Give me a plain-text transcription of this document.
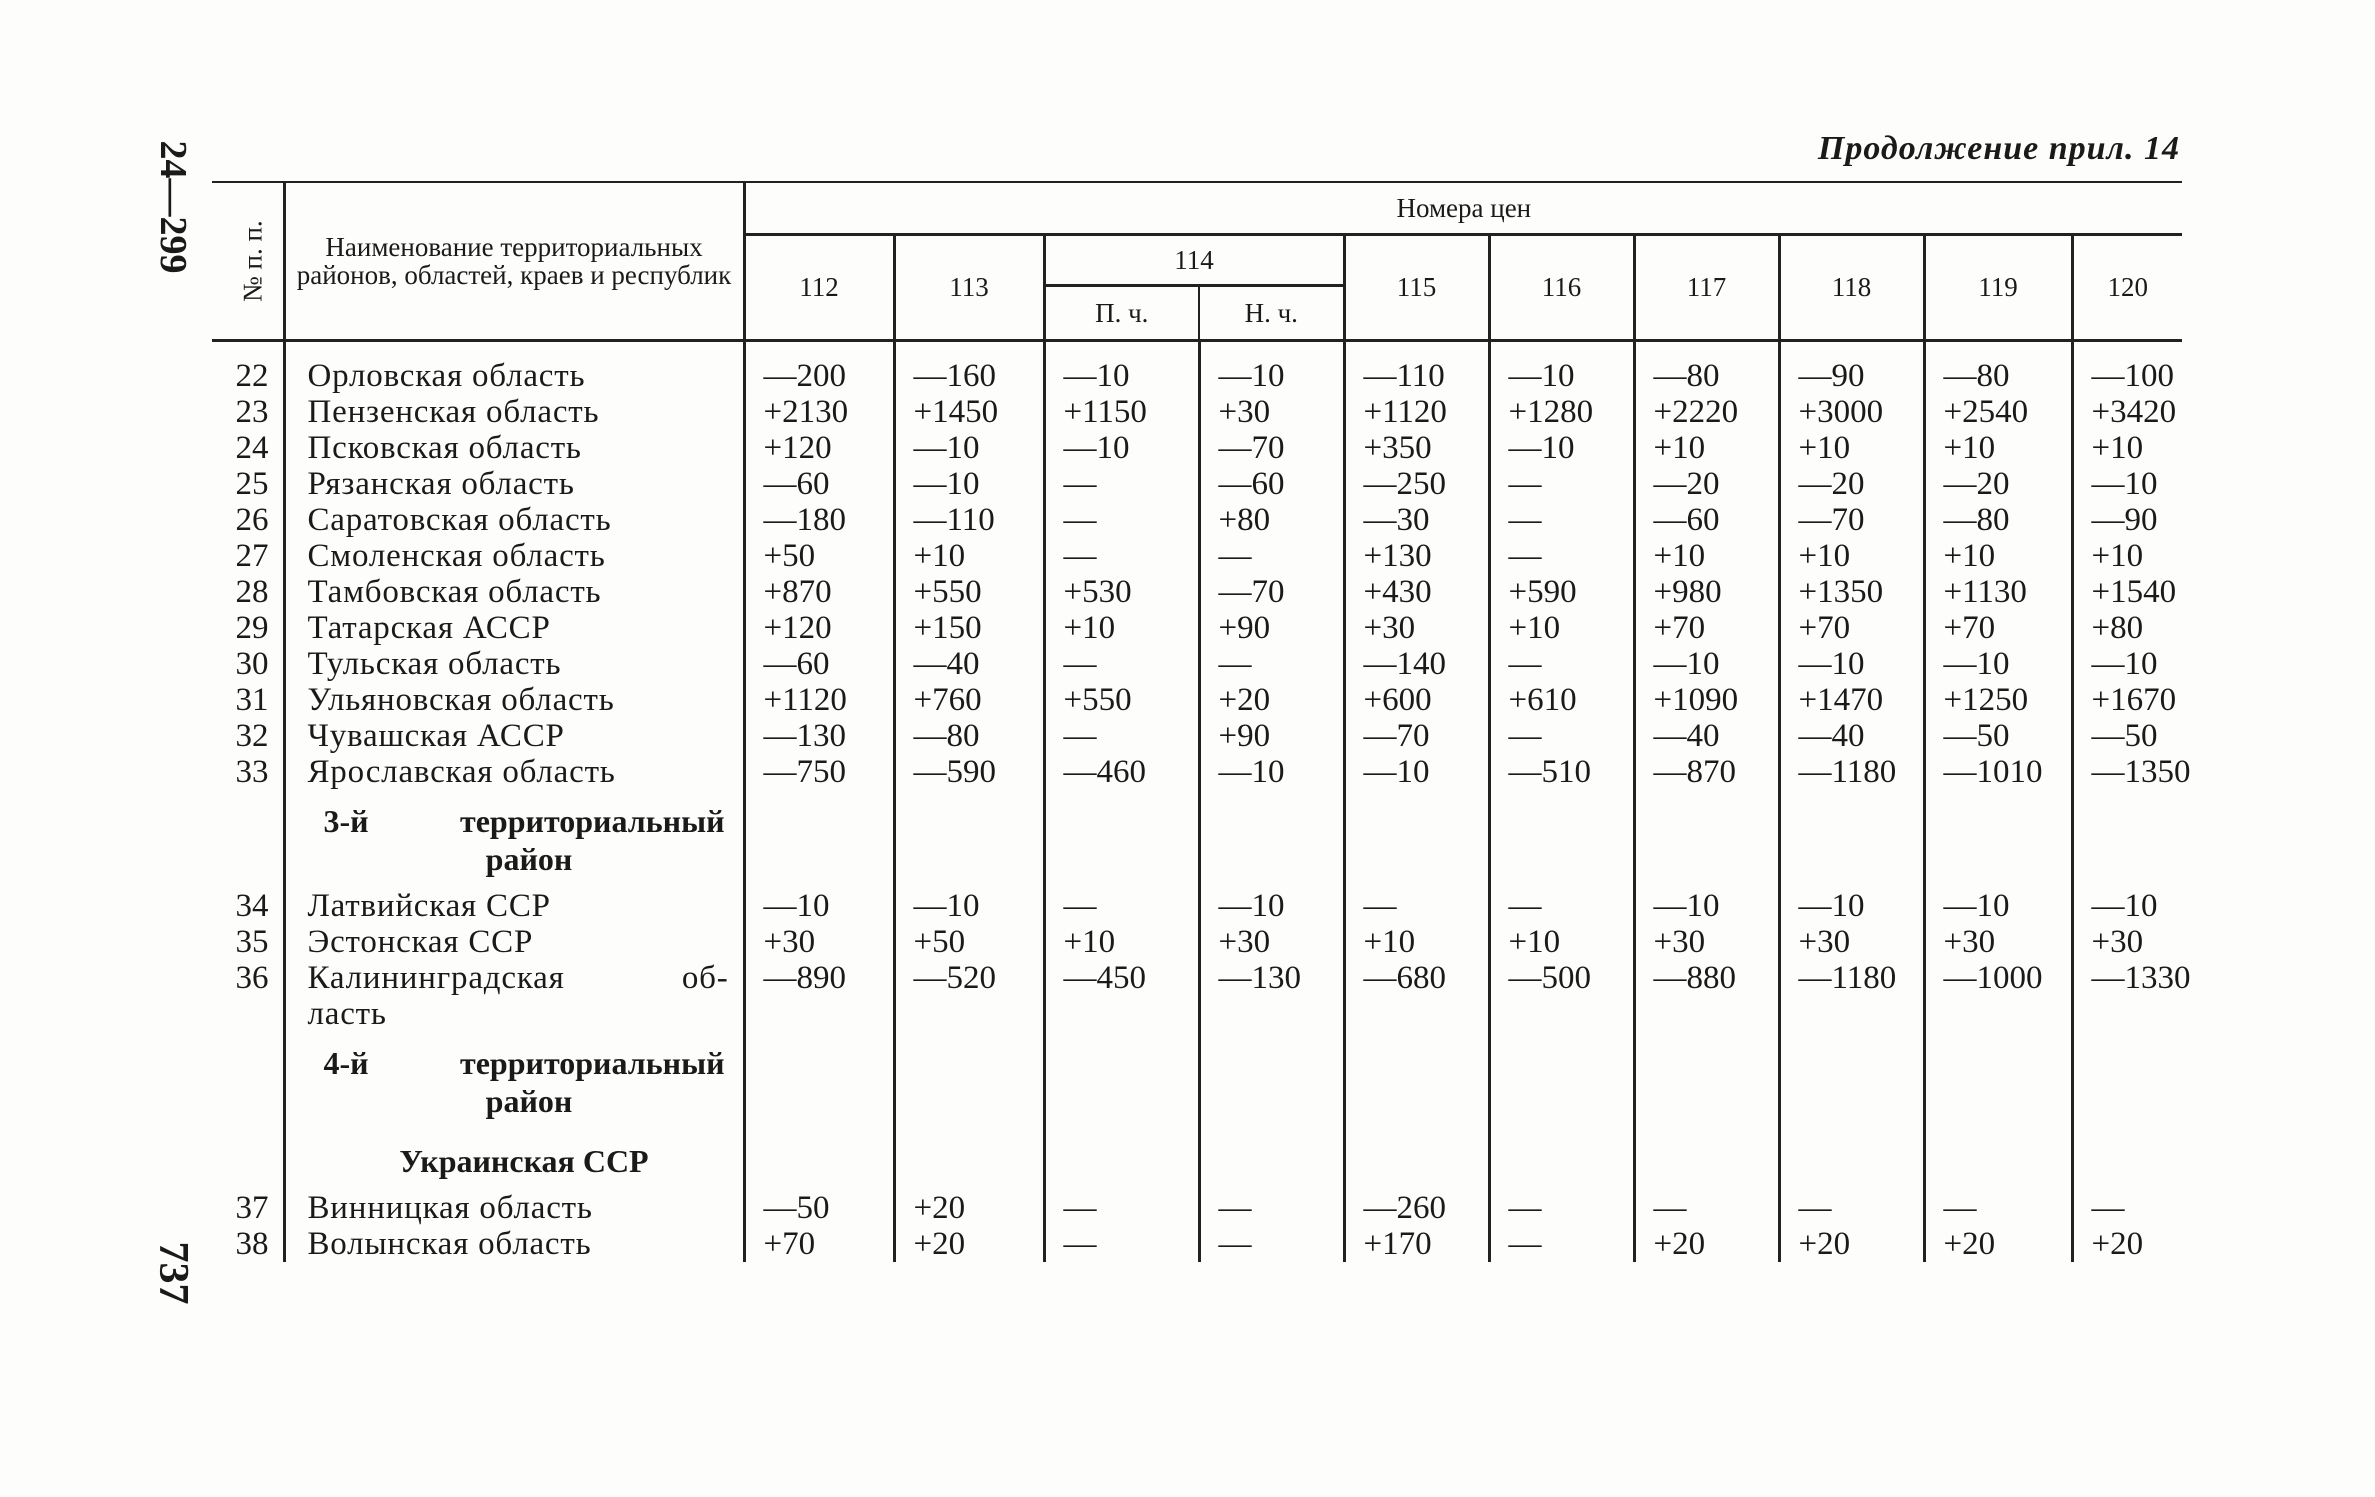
24—299
737
Продолжение прил. 14
№ п. п.	Наименование территориальных районов, областей, краев и республик	Номера цен									
		112	113	114		115	116	117	118	119	120
				П. ч.	Н. ч.						
22	Орловская область	—200	—160	—10	—10	—110	—10	—80	—90	—80	—100
23	Пензенская область	+2130	+1450	+1150	+30	+1120	+1280	+2220	+3000	+2540	+3420
24	Псковская область	+120	—10	—10	—70	+350	—10	+10	+10	+10	+10
25	Рязанская область	—60	—10	—	—60	—250	—	—20	—20	—20	—10
26	Саратовская область	—180	—110	—	+80	—30	—	—60	—70	—80	—90
27	Смоленская область	+50	+10	—	—	+130	—	+10	+10	+10	+10
28	Тамбовская область	+870	+550	+530	—70	+430	+590	+980	+1350	+1130	+1540
29	Татарская АССР	+120	+150	+10	+90	+30	+10	+70	+70	+70	+80
30	Тульская область	—60	—40	—	—	—140	—	—10	—10	—10	—10
31	Ульяновская область	+1120	+760	+550	+20	+600	+610	+1090	+1470	+1250	+1670
32	Чувашская АССР	—130	—80	—	+90	—70	—	—40	—40	—50	—50
33	Ярославская область	—750	—590	—460	—10	—10	—510	—870	—1180	—1010	—1350

	3-й территориальный
район										

34	Латвийская ССР	—10	—10	—	—10	—	—	—10	—10	—10	—10
35	Эстонская ССР	+30	+50	+10	+30	+10	+10	+30	+30	+30	+30
36	Калининградская об-
ласть	—890	—520	—450	—130	—680	—500	—880	—1180	—1000	—1330

	4-й территориальный
район										

	Украинская ССР										

37	Винницкая область	—50	+20	—	—	—260	—	—	—	—	—
38	Волынская область	+70	+20	—	—	+170	—	+20	+20	+20	+20
